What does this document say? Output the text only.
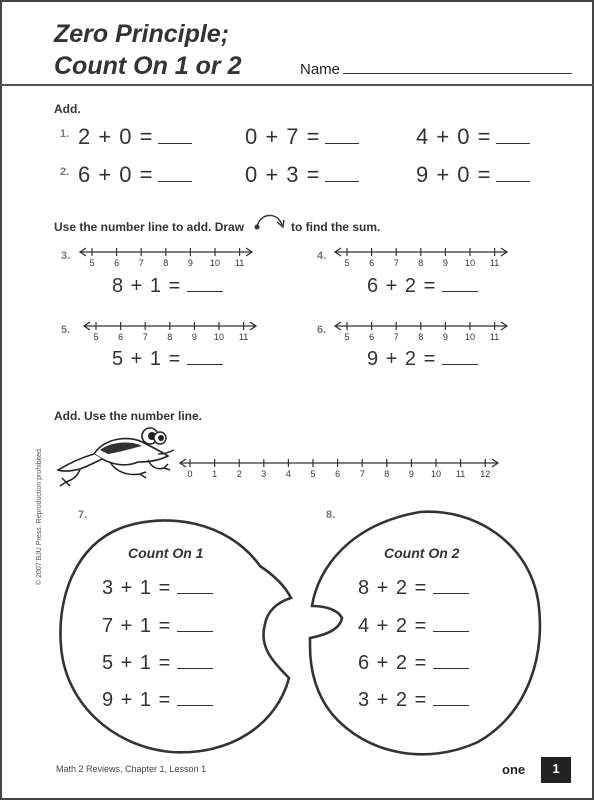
Zero Principle;
Count On 1 or 2	Name
Add.
1. 2 + 0 =	0 + 7 =	4 + 0 =
2. 6 + 0 =	0 + 3 =	9 + 0 =
Use the number line to add. Draw	to find the sum.
3.
5 6 7 8 9 10 11
8 + 1 =
4.
5 6 7 8 9 10 11
6 + 2 =
5.
5 6 7 8 9 10 11
5 + 1 =
6.
5 6 7 8 9 10 11
9 + 2 =
Add. Use the number line.
0 1 2 3 4 5 6 7 8 9 10 11 12
7.	8.
Count On 1	Count On 2
3 + 1 =
7 + 1 =
5 + 1 =
9 + 1 =
8 + 2 =
4 + 2 =
6 + 2 =
3 + 2 =
© 2007 BJU Press. Reproduction prohibited.
Math 2 Reviews, Chapter 1, Lesson 1	one	1
